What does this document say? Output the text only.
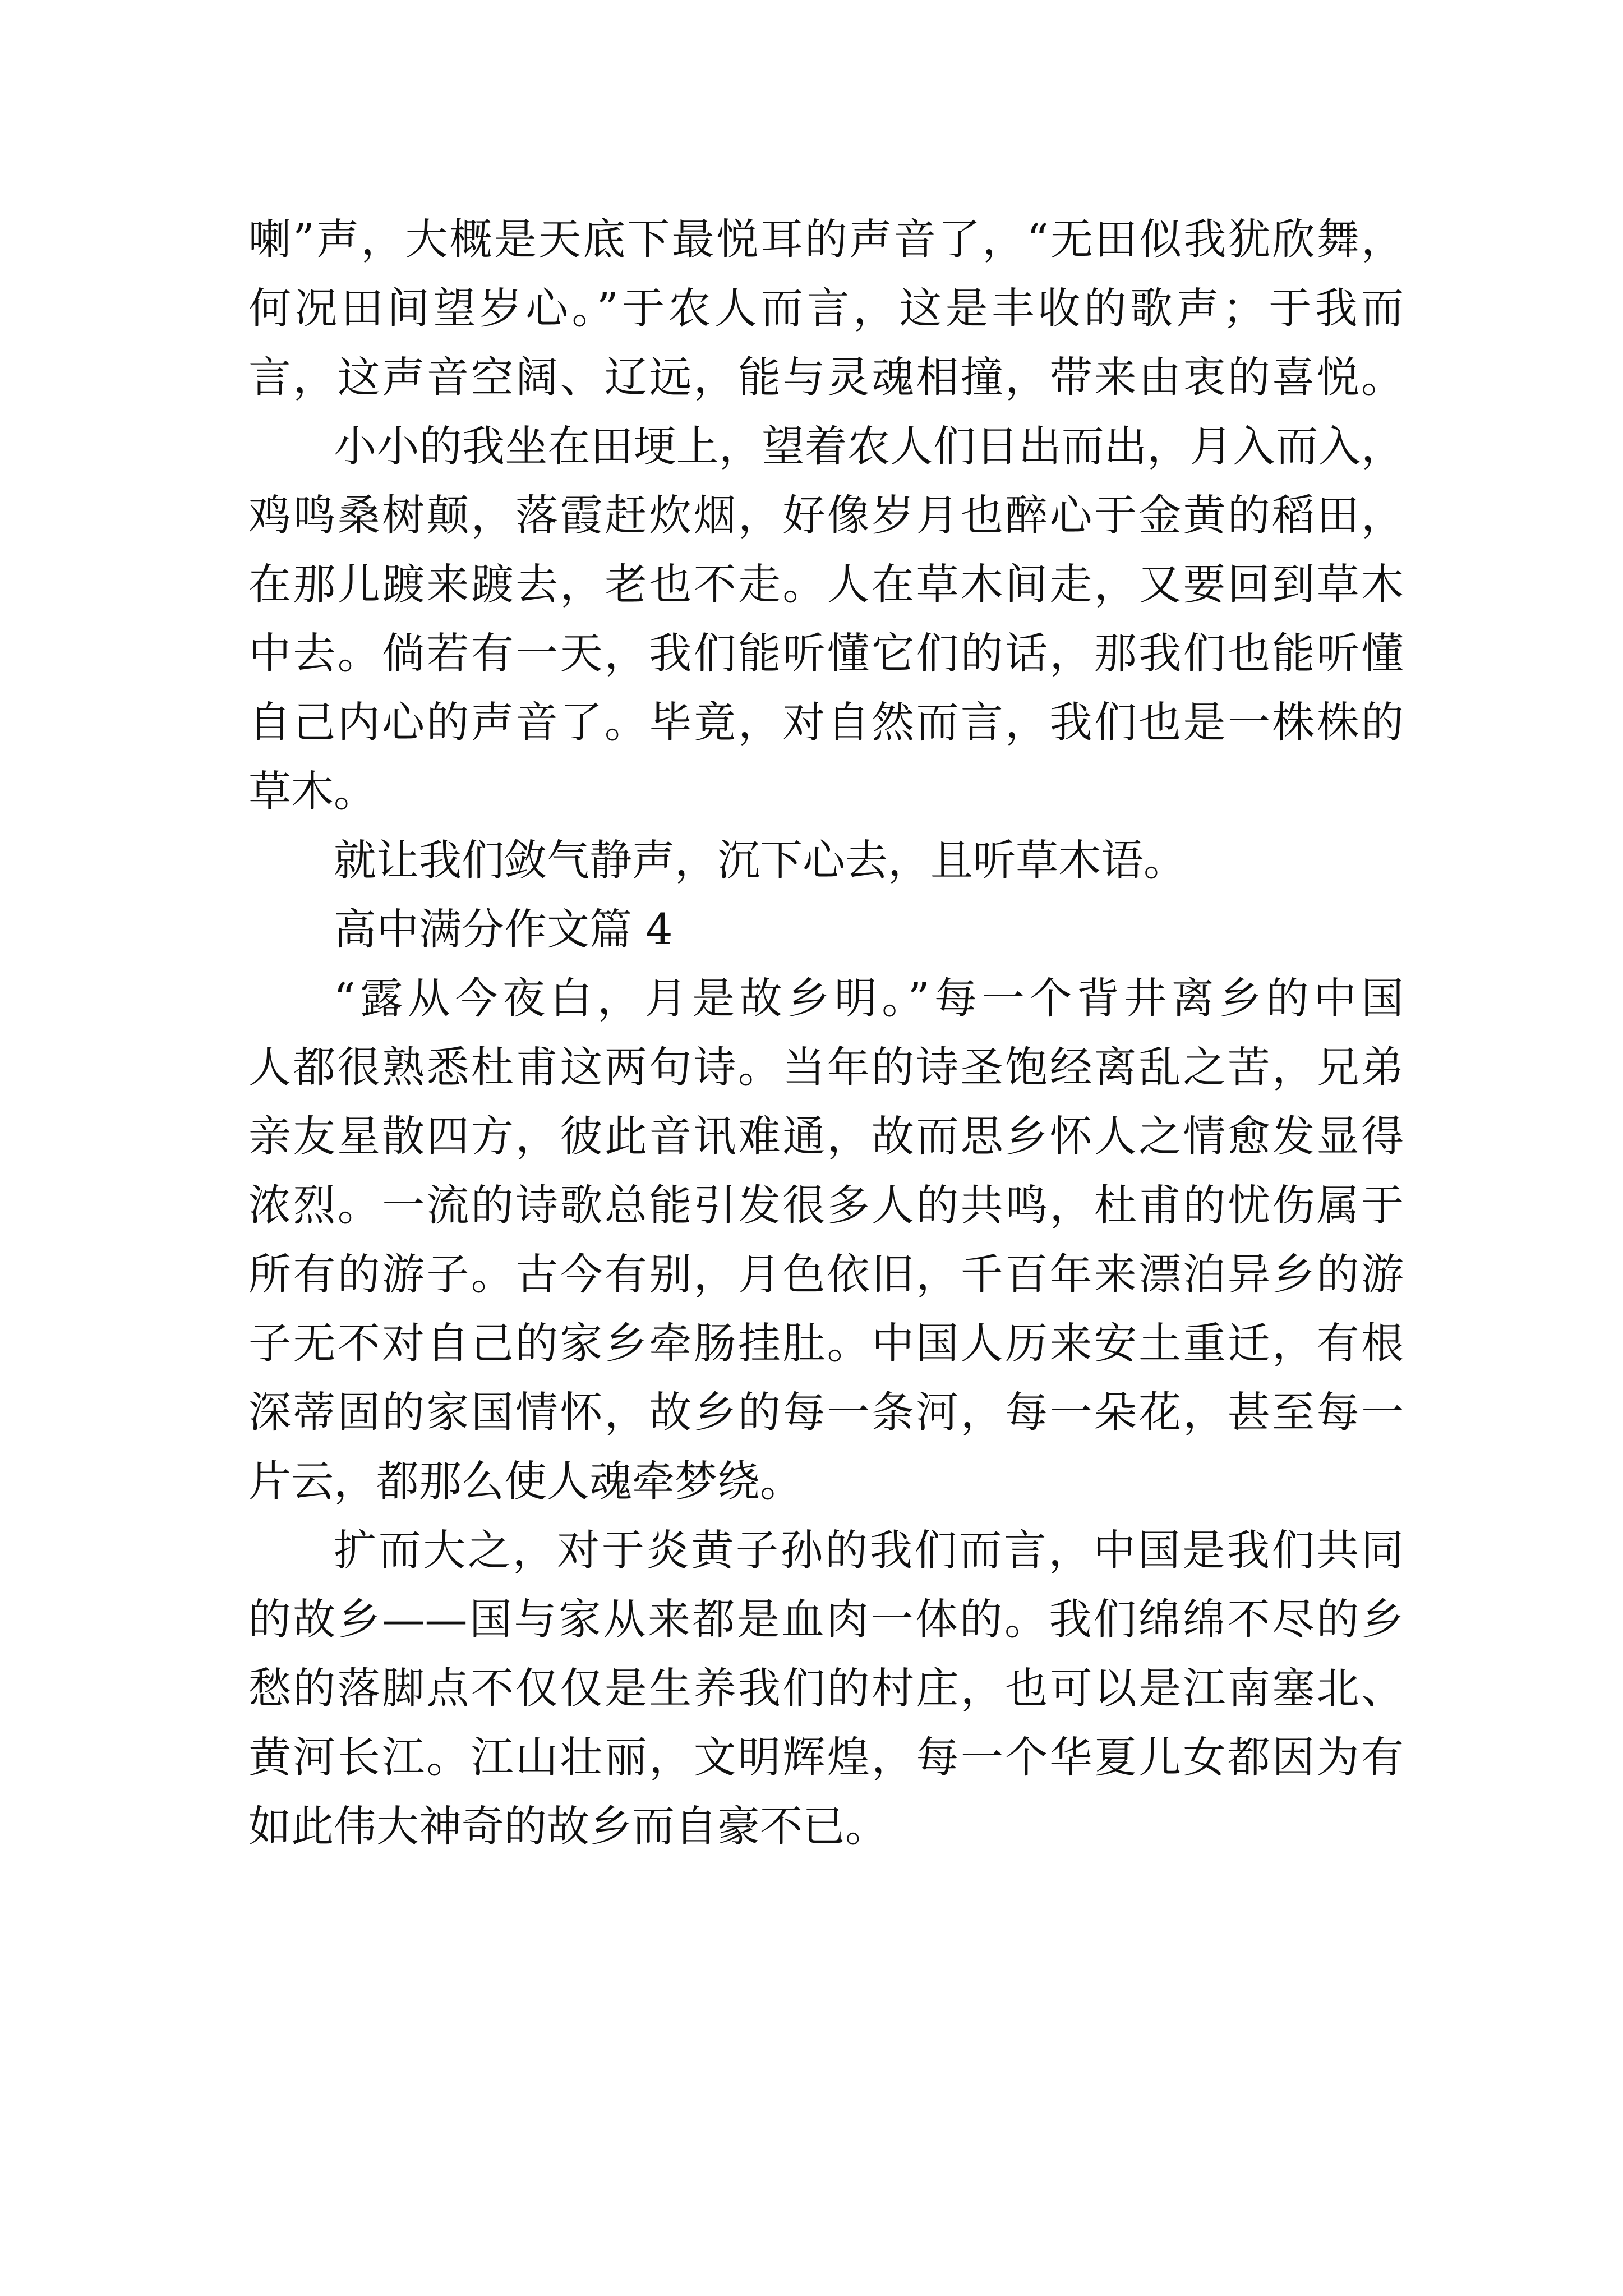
喇”声，大概是天底下最悦耳的声音了，“无田似我犹欣舞，
何况田间望岁心。”于农人而言，这是丰收的歌声；于我而
言，这声音空阔、辽远，能与灵魂相撞，带来由衷的喜悦。
小小的我坐在田埂上，望着农人们日出而出，月入而入，
鸡鸣桑树颠，落霞赶炊烟，好像岁月也醉心于金黄的稻田，
在那儿踱来踱去，老也不走。人在草木间走，又要回到草木
中去。倘若有一天，我们能听懂它们的话，那我们也能听懂
自己内心的声音了。毕竟，对自然而言，我们也是一株株的
草木。
就让我们敛气静声，沉下心去，且听草木语。
高中满分作文篇 4
“露从今夜白，月是故乡明。”每一个背井离乡的中国
人都很熟悉杜甫这两句诗。当年的诗圣饱经离乱之苦，兄弟
亲友星散四方，彼此音讯难通，故而思乡怀人之情愈发显得
浓烈。一流的诗歌总能引发很多人的共鸣，杜甫的忧伤属于
所有的游子。古今有别，月色依旧，千百年来漂泊异乡的游
子无不对自己的家乡牵肠挂肚。中国人历来安土重迁，有根
深蒂固的家国情怀，故乡的每一条河，每一朵花，甚至每一
片云，都那么使人魂牵梦绕。
扩而大之，对于炎黄子孙的我们而言，中国是我们共同
的故乡——国与家从来都是血肉一体的。我们绵绵不尽的乡
愁的落脚点不仅仅是生养我们的村庄，也可以是江南塞北、
黄河长江。江山壮丽，文明辉煌，每一个华夏儿女都因为有
如此伟大神奇的故乡而自豪不已。
